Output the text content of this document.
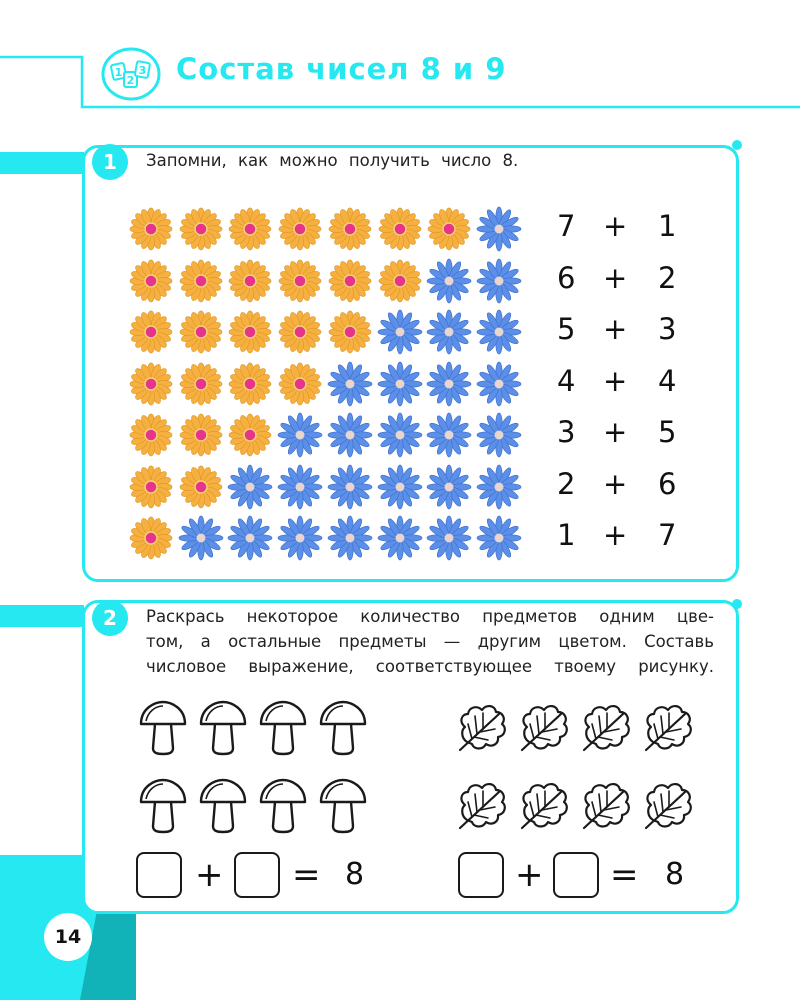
1
2
3 Состав чисел 8 и 9
1	Запомни, как можно получить число 8.
7 + 1
6 + 2
5 + 3
4 + 4
3 + 5
2 + 6
1 + 7
2	Раскрась некоторое количество предметов одним цве-

том, а остальные предметы — другим цветом. Составь

числовое выражение, соответствующее твоему рисунку.

+ = 8	+ = 8
14
